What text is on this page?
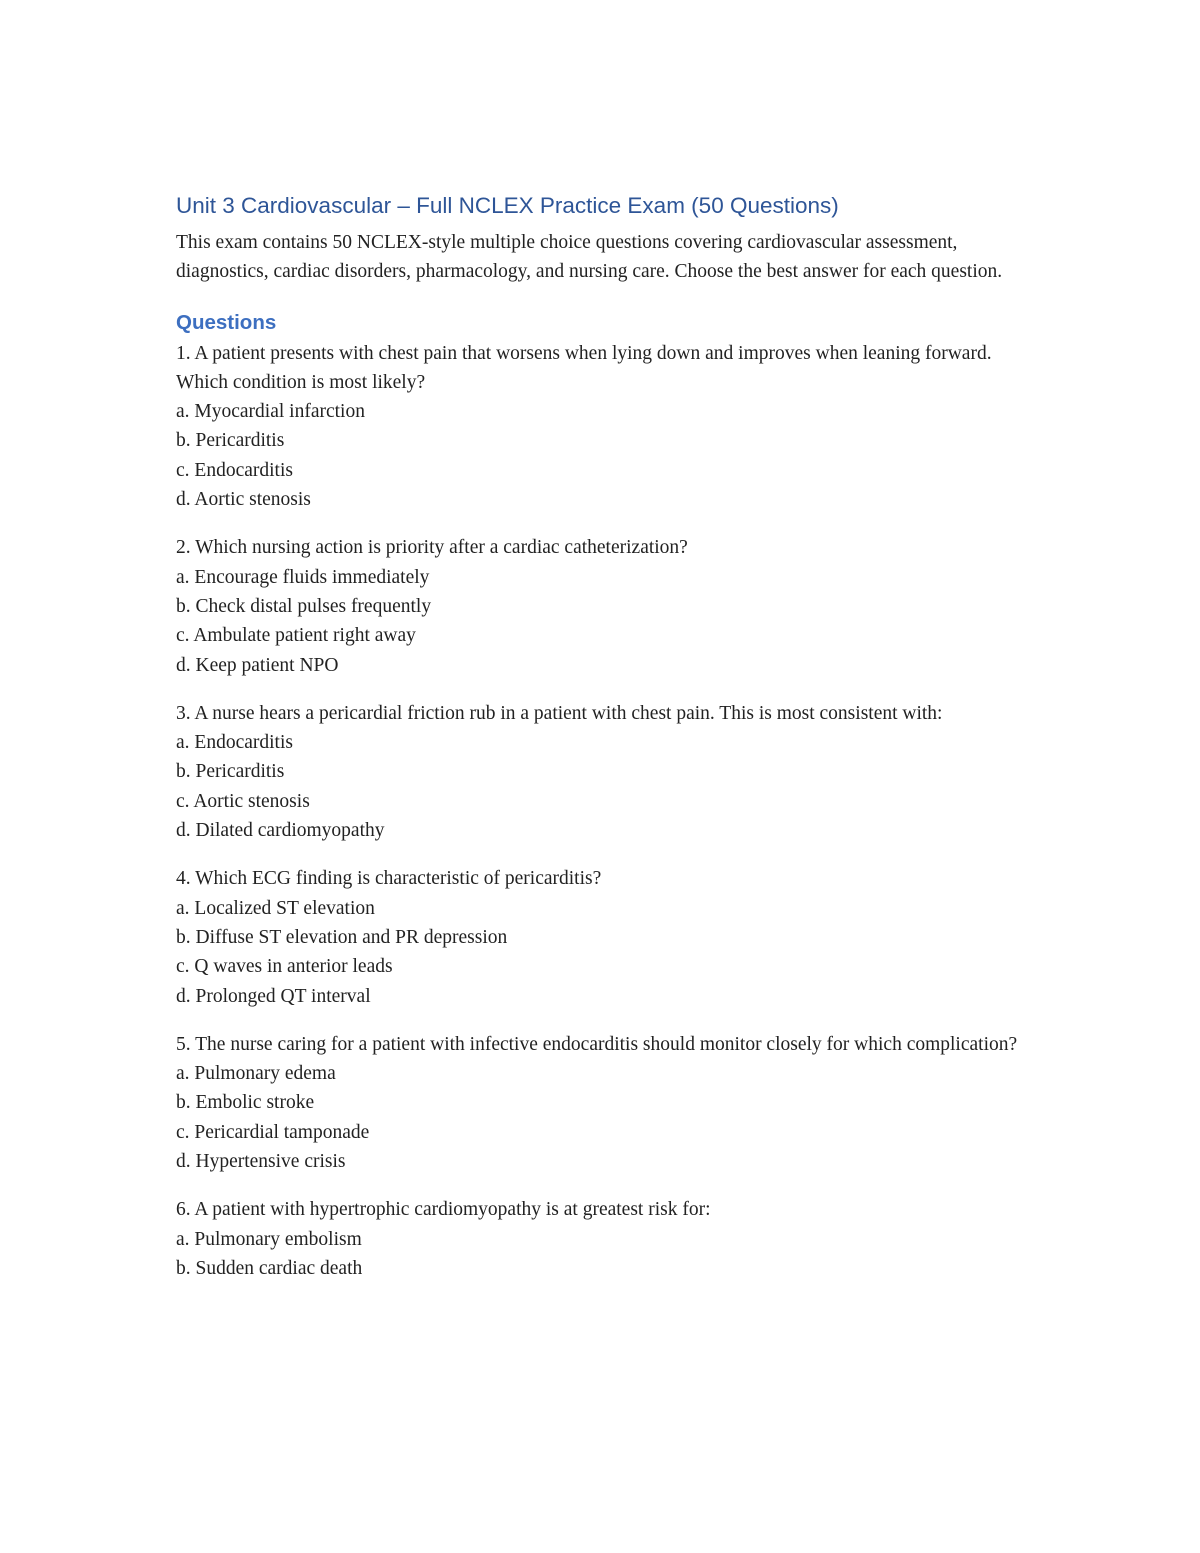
Unit 3 Cardiovascular – Full NCLEX Practice Exam (50 Questions)

This exam contains 50 NCLEX-style multiple choice questions covering cardiovascular assessment, diagnostics, cardiac disorders, pharmacology, and nursing care. Choose the best answer for each question.

Questions

1. A patient presents with chest pain that worsens when lying down and improves when leaning forward. Which condition is most likely?

a. Myocardial infarction

b. Pericarditis

c. Endocarditis

d. Aortic stenosis

2. Which nursing action is priority after a cardiac catheterization?

a. Encourage fluids immediately

b. Check distal pulses frequently

c. Ambulate patient right away

d. Keep patient NPO

3. A nurse hears a pericardial friction rub in a patient with chest pain. This is most consistent with:

a. Endocarditis

b. Pericarditis

c. Aortic stenosis

d. Dilated cardiomyopathy

4. Which ECG finding is characteristic of pericarditis?

a. Localized ST elevation

b. Diffuse ST elevation and PR depression

c. Q waves in anterior leads

d. Prolonged QT interval

5. The nurse caring for a patient with infective endocarditis should monitor closely for which complication?

a. Pulmonary edema

b. Embolic stroke

c. Pericardial tamponade

d. Hypertensive crisis

6. A patient with hypertrophic cardiomyopathy is at greatest risk for:

a. Pulmonary embolism

b. Sudden cardiac death
